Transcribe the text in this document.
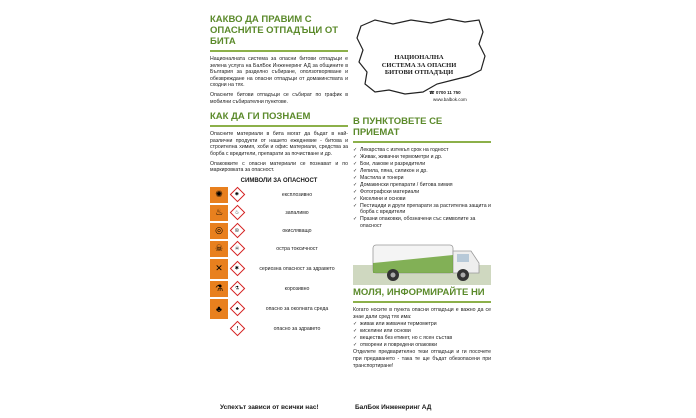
КАКВО ДА ПРАВИМ С
ОПАСНИТЕ ОТПАДЪЦИ ОТ БИТА

Националната система за опасни битови отпадъци е зелена услуга на БалБок Инженеринг АД за общините в България за разделно събиране, оползотворяване и обезвреждане на опасни отпадъци от домакинствата и сходни на тях.

Опасните битови отпадъци се събират по график в мобилни събирателни пунктове.

КАК ДА ГИ ПОЗНАЕМ

Опасните материали в бита могат да бъдат в най-различни продукти от нашето ежедневие - битова и строителна химия, хоби и офис материали, средства за борба с вредители, препарати за почистване и др.

Опаковките с опасни материали се познават и по маркировката за опасност.

СИМВОЛИ ЗА ОПАСНОСТ
✺ ✺	експлозивно
♨ ♨	запалимо
◎ ◎	окисляващо
☠ ☠	остра токсичност
✕ ✱	сериозна опасност за здравето
⚗ ⚗	корозивно
♣	♣	опасно за околната среда
!	опасно за здравето
Успехът зависи от всички нас!
НАЦИОНАЛНА
СИСТЕМА ЗА ОПАСНИ
БИТОВИ ОТПАДЪЦИ
☎ 0700 11 750
www.balbok.com
В ПУНКТОВЕТЕ СЕ ПРИЕМАТ
✓ Лекарства с изтекъл срок на годност
✓ Живак, живачни термометри и др.
✓ Бои, лакове и разредители
✓ Лепила, пяна, силикон и др.
✓ Мастила и тонери
✓ Домакински препарати / битова химия
✓ Фотографски материали
✓ Киселини и основи
✓ Пестициди и други препарати за растителна защита и борба с вредители
✓ Празни опаковки, обозначени със символите за опасност
МОЛЯ, ИНФОРМИРАЙТЕ НИ

Когато носите в пункта опасни отпадъци е важно да се знае дали сред тях има:

✓ живак или живачни термометри
✓ киселини или основи
✓ вещества без етикет, но с ясен състав
✓ отворени и повредени опаковки

Отделете предварително тези отпадъци и ги посочете при предаването - така те ще бъдат обезопасени при транспортиране!

БалБок Инженеринг АД
